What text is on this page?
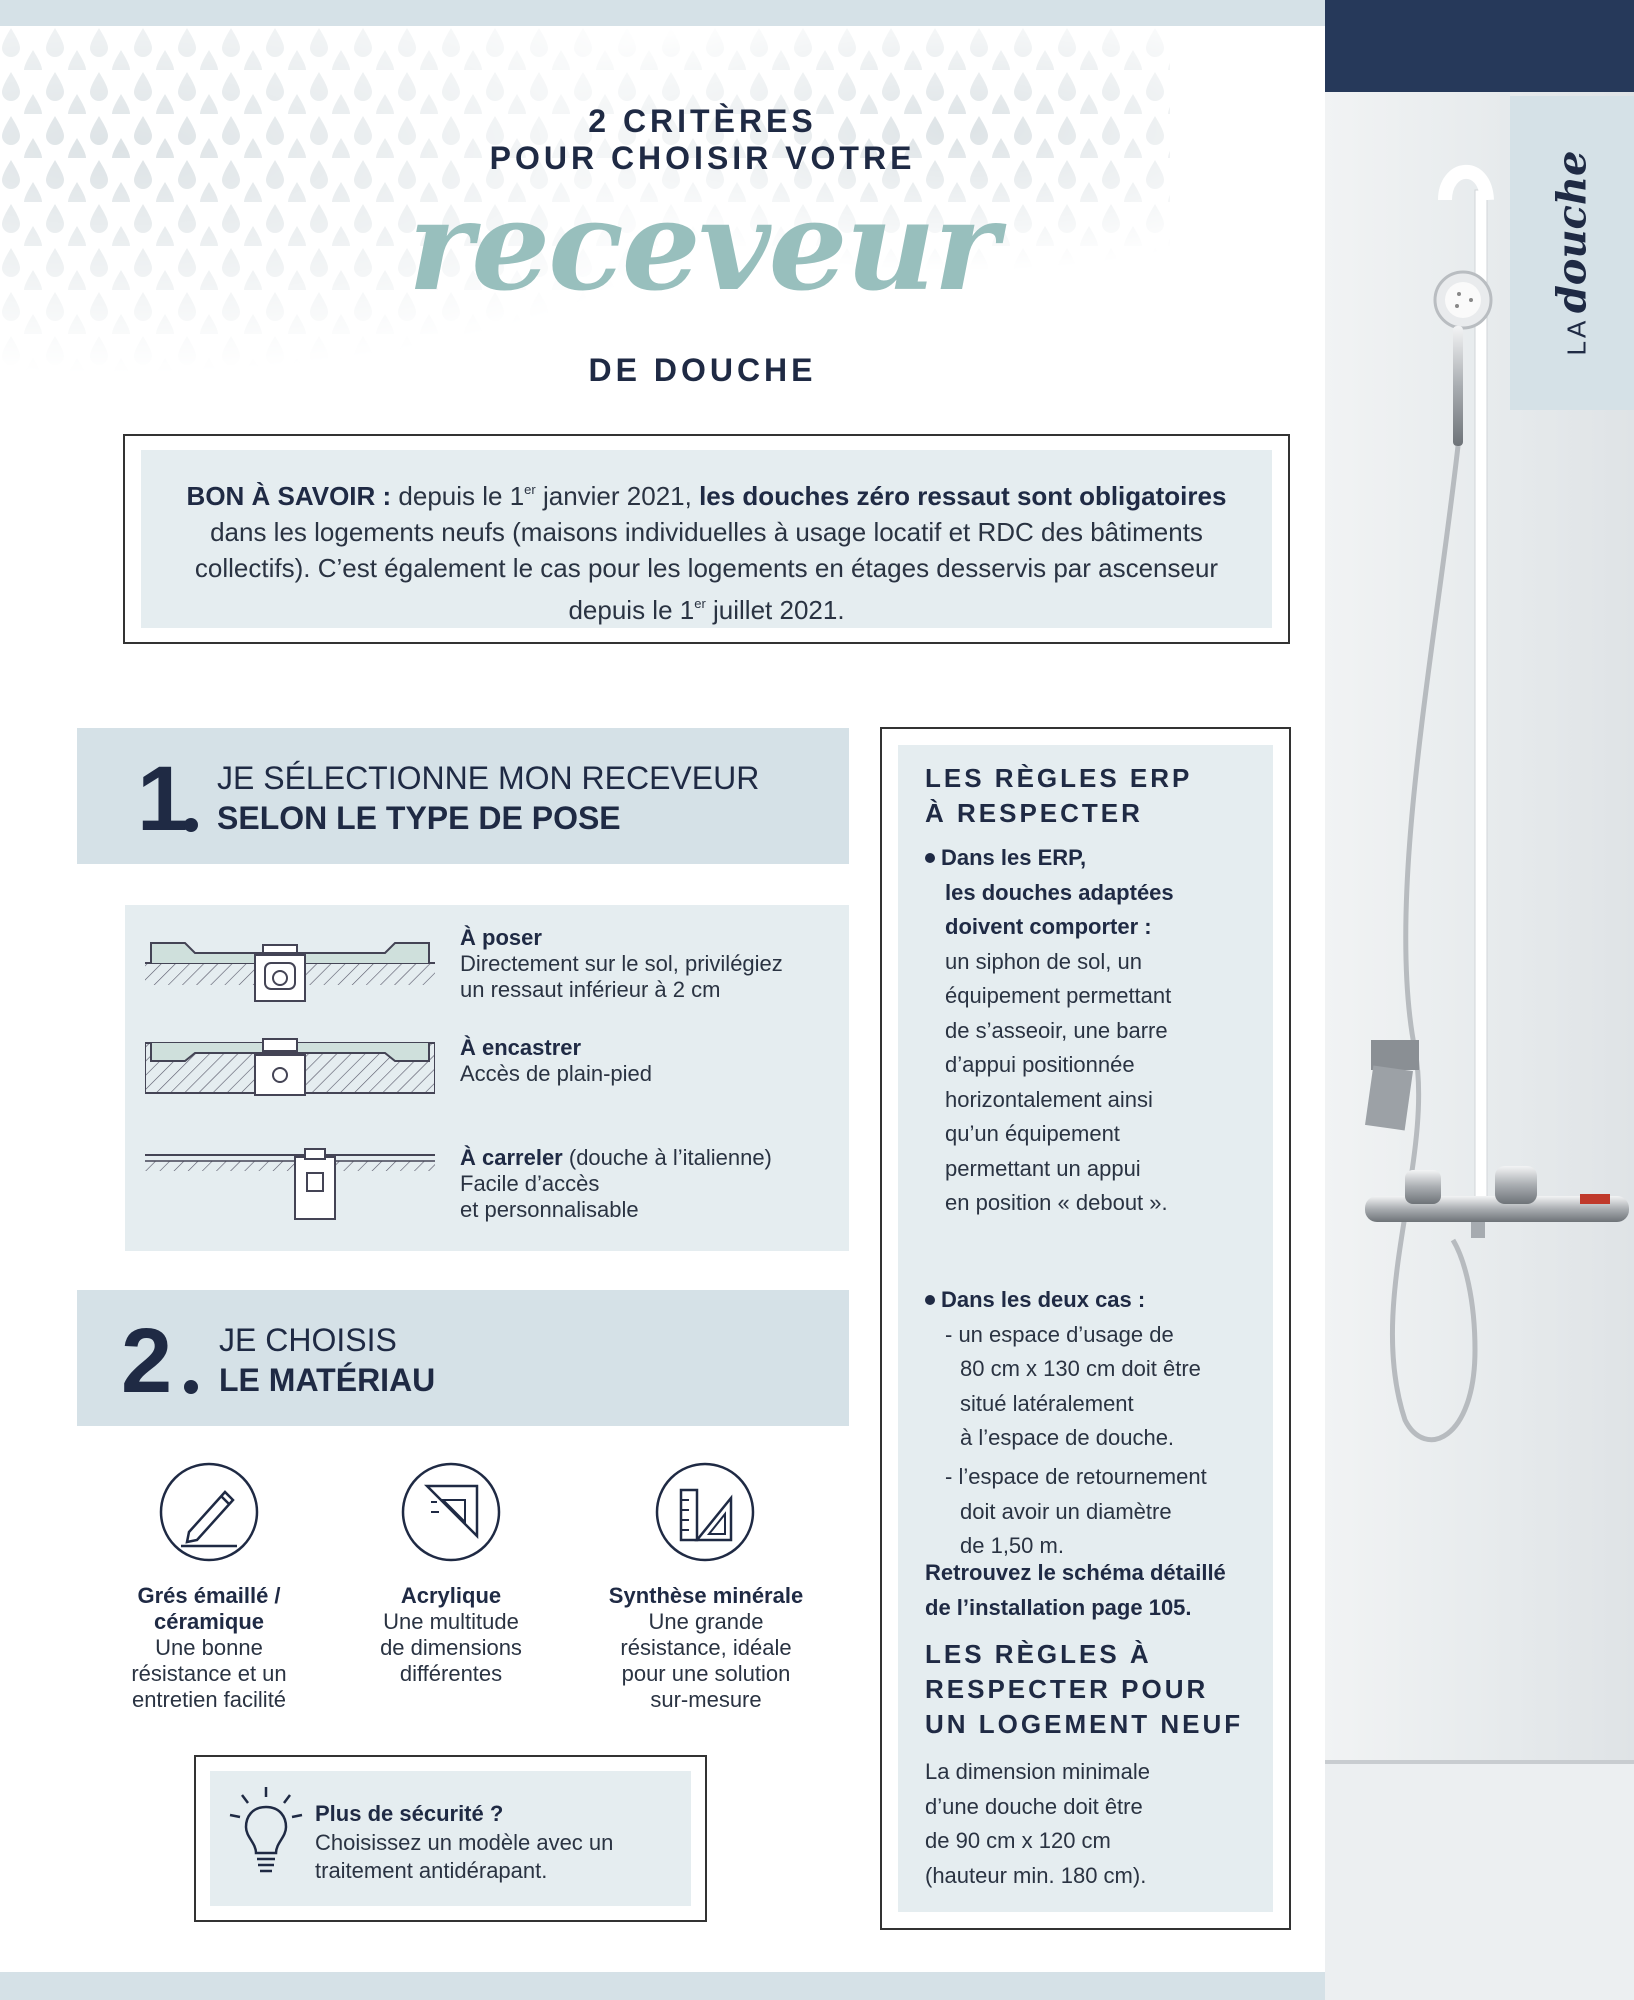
2 CRITÈRES
POUR CHOISIR VOTRE
receveur
DE DOUCHE
BON À SAVOIR : depuis le 1er janvier 2021, les douches zéro ressaut sont obligatoires dans les logements neufs (maisons individuelles à usage locatif et RDC des bâtiments collectifs). C’est également le cas pour les logements en étages desservis par ascenseur depuis le 1er juillet 2021.
1 JE SÉLECTIONNE MON RECEVEUR
SELON LE TYPE DE POSE
À poser
Directement sur le sol, privilégiez
un ressaut inférieur à 2 cm
À encastrer
Accès de plain-pied
À carreler (douche à l’italienne)
Facile d’accès
et personnalisable
2 JE CHOISIS
LE MATÉRIAU
Grés émaillé /
céramique
Une bonne
résistance et un
entretien facilité
Acrylique
Une multitude
de dimensions
différentes
Synthèse minérale
Une grande
résistance, idéale
pour une solution
sur-mesure
Plus de sécurité ?
Choisissez un modèle avec un traitement antidérapant.
LES RÈGLES ERP
À RESPECTER
Dans les ERP,
les douches adaptées
doivent comporter :
un siphon de sol, un
équipement permettant
de s’asseoir, une barre
d’appui positionnée
horizontalement ainsi
qu’un équipement
permettant un appui
en position « debout ».
Dans les deux cas :
- un espace d’usage de
80 cm x 130 cm doit être
situé latéralement
à l’espace de douche.
- l’espace de retournement
doit avoir un diamètre
de 1,50 m.
Retrouvez le schéma détaillé
de l’installation page 105.
LES RÈGLES À
RESPECTER POUR
UN LOGEMENT NEUF
La dimension minimale
d’une douche doit être
de 90 cm x 120 cm
(hauteur min. 180 cm).
LA douche
